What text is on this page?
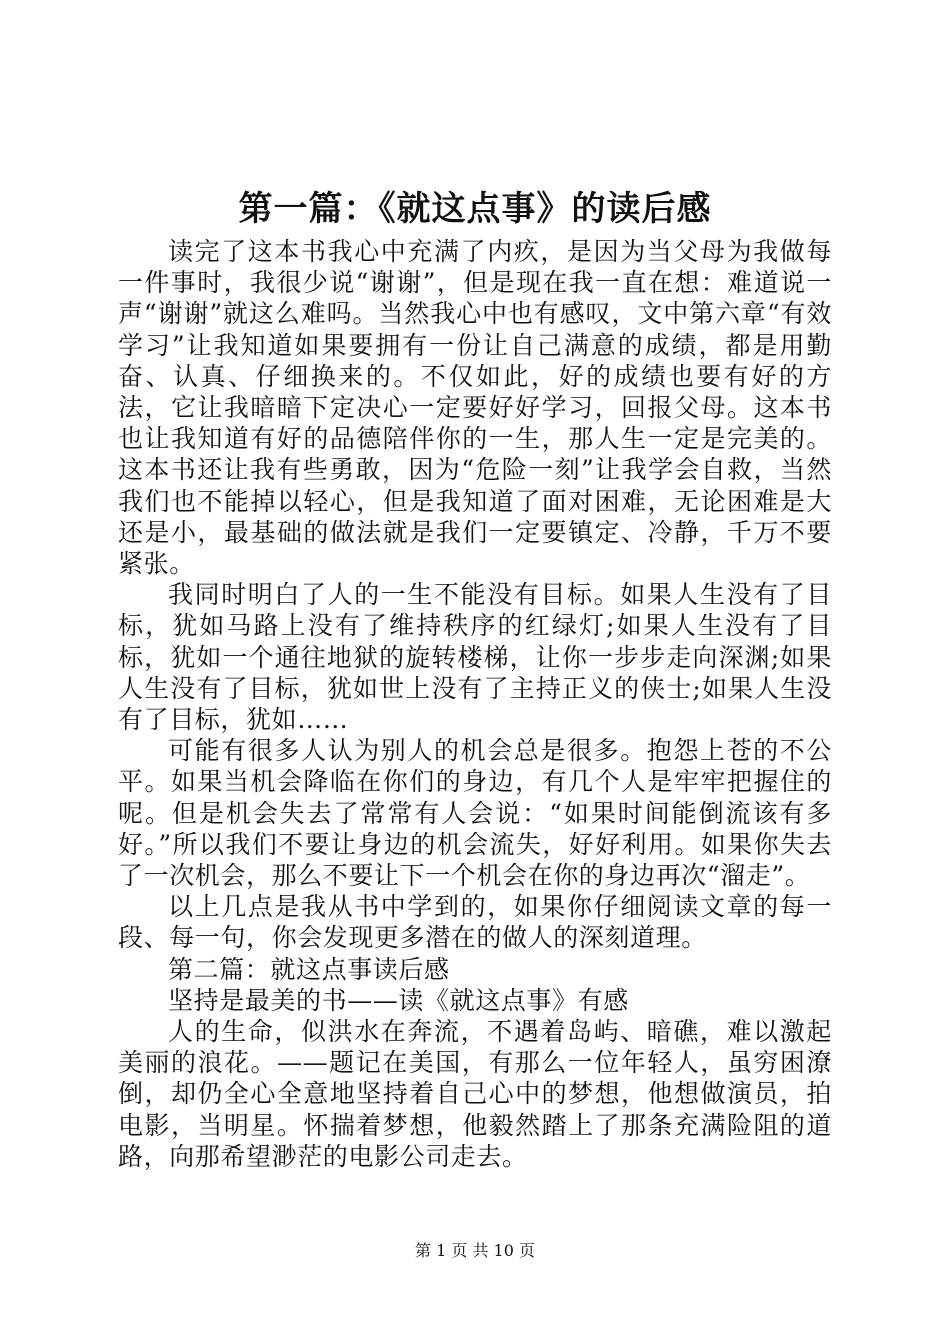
第一篇：《就这点事》的读后感

读完了这本书我心中充满了内疚，是因为当父母为我做每一件事时，我很少说“谢谢”，但是现在我一直在想：难道说一声“谢谢”就这么难吗。当然我心中也有感叹，文中第六章“有效学习”让我知道如果要拥有一份让自己满意的成绩，都是用勤奋、认真、仔细换来的。不仅如此，好的成绩也要有好的方法，它让我暗暗下定决心一定要好好学习，回报父母。这本书也让我知道有好的品德陪伴你的一生，那人生一定是完美的。这本书还让我有些勇敢，因为“危险一刻”让我学会自救，当然我们也不能掉以轻心，但是我知道了面对困难，无论困难是大还是小，最基础的做法就是我们一定要镇定、冷静，千万不要紧张。

我同时明白了人的一生不能没有目标。如果人生没有了目标，犹如马路上没有了维持秩序的红绿灯;如果人生没有了目标，犹如一个通往地狱的旋转楼梯，让你一步步走向深渊;如果人生没有了目标，犹如世上没有了主持正义的侠士;如果人生没有了目标，犹如……

可能有很多人认为别人的机会总是很多。抱怨上苍的不公平。如果当机会降临在你们的身边，有几个人是牢牢把握住的呢。但是机会失去了常常有人会说：“如果时间能倒流该有多好。”所以我们不要让身边的机会流失，好好利用。如果你失去了一次机会，那么不要让下一个机会在你的身边再次“溜走”。

以上几点是我从书中学到的，如果你仔细阅读文章的每一段、每一句，你会发现更多潜在的做人的深刻道理。

第二篇：就这点事读后感

坚持是最美的书——读《就这点事》有感

人的生命，似洪水在奔流，不遇着岛屿、暗礁，难以激起美丽的浪花。——题记在美国，有那么一位年轻人，虽穷困潦倒，却仍全心全意地坚持着自己心中的梦想，他想做演员，拍电影，当明星。怀揣着梦想，他毅然踏上了那条充满险阻的道路，向那希望渺茫的电影公司走去。

第 1 页 共 10 页
